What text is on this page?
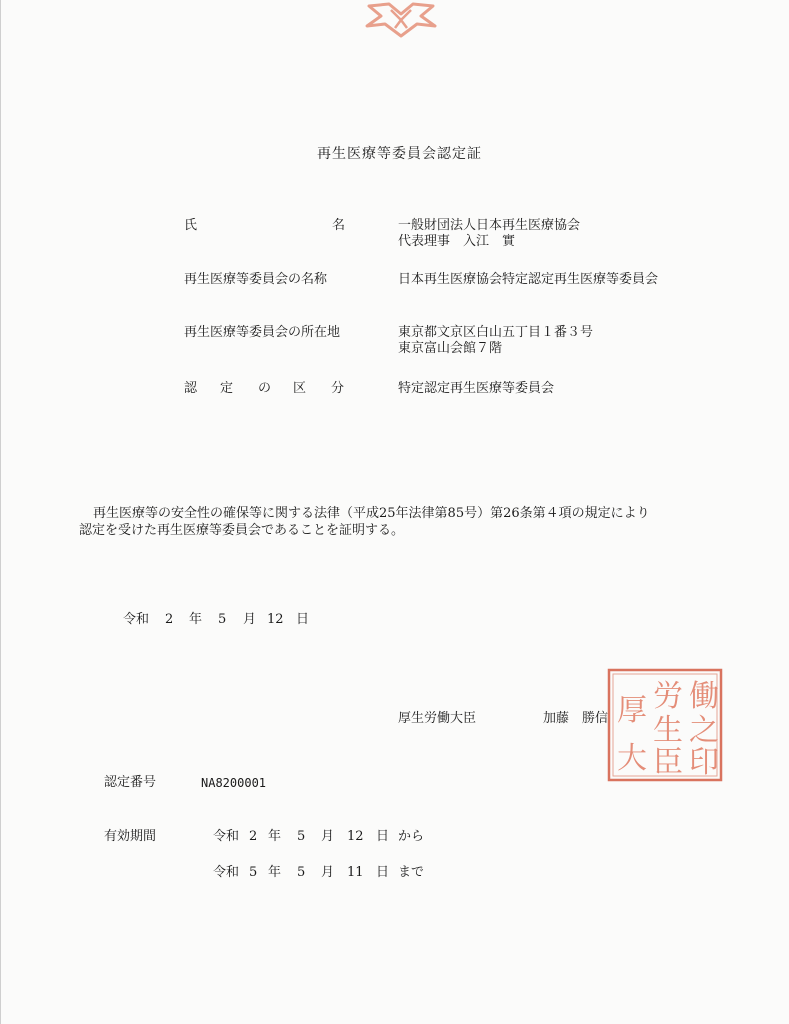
再生医療等委員会認定証
氏	名	一般財団法人日本再生医療協会
代表理事　入江　實
再生医療等委員会の名称	日本再生医療協会特定認定再生医療等委員会
再生医療等委員会の所在地	東京都文京区白山五丁目１番３号
東京富山会館７階
認 定 の 区 分	特定認定再生医療等委員会
再生医療等の安全性の確保等に関する法律（平成25年法律第85号）第26条第４項の規定により
認定を受けた再生医療等委員会であることを証明する。
令和 2 年 5 月 12 日
厚生労働大臣	加藤　勝信
働
之
印
労
生
臣
厚
大
認定番号	NA8200001
有効期間	令和 2 年 5 月 12 日 から
令和 5 年 5 月 11 日 まで
